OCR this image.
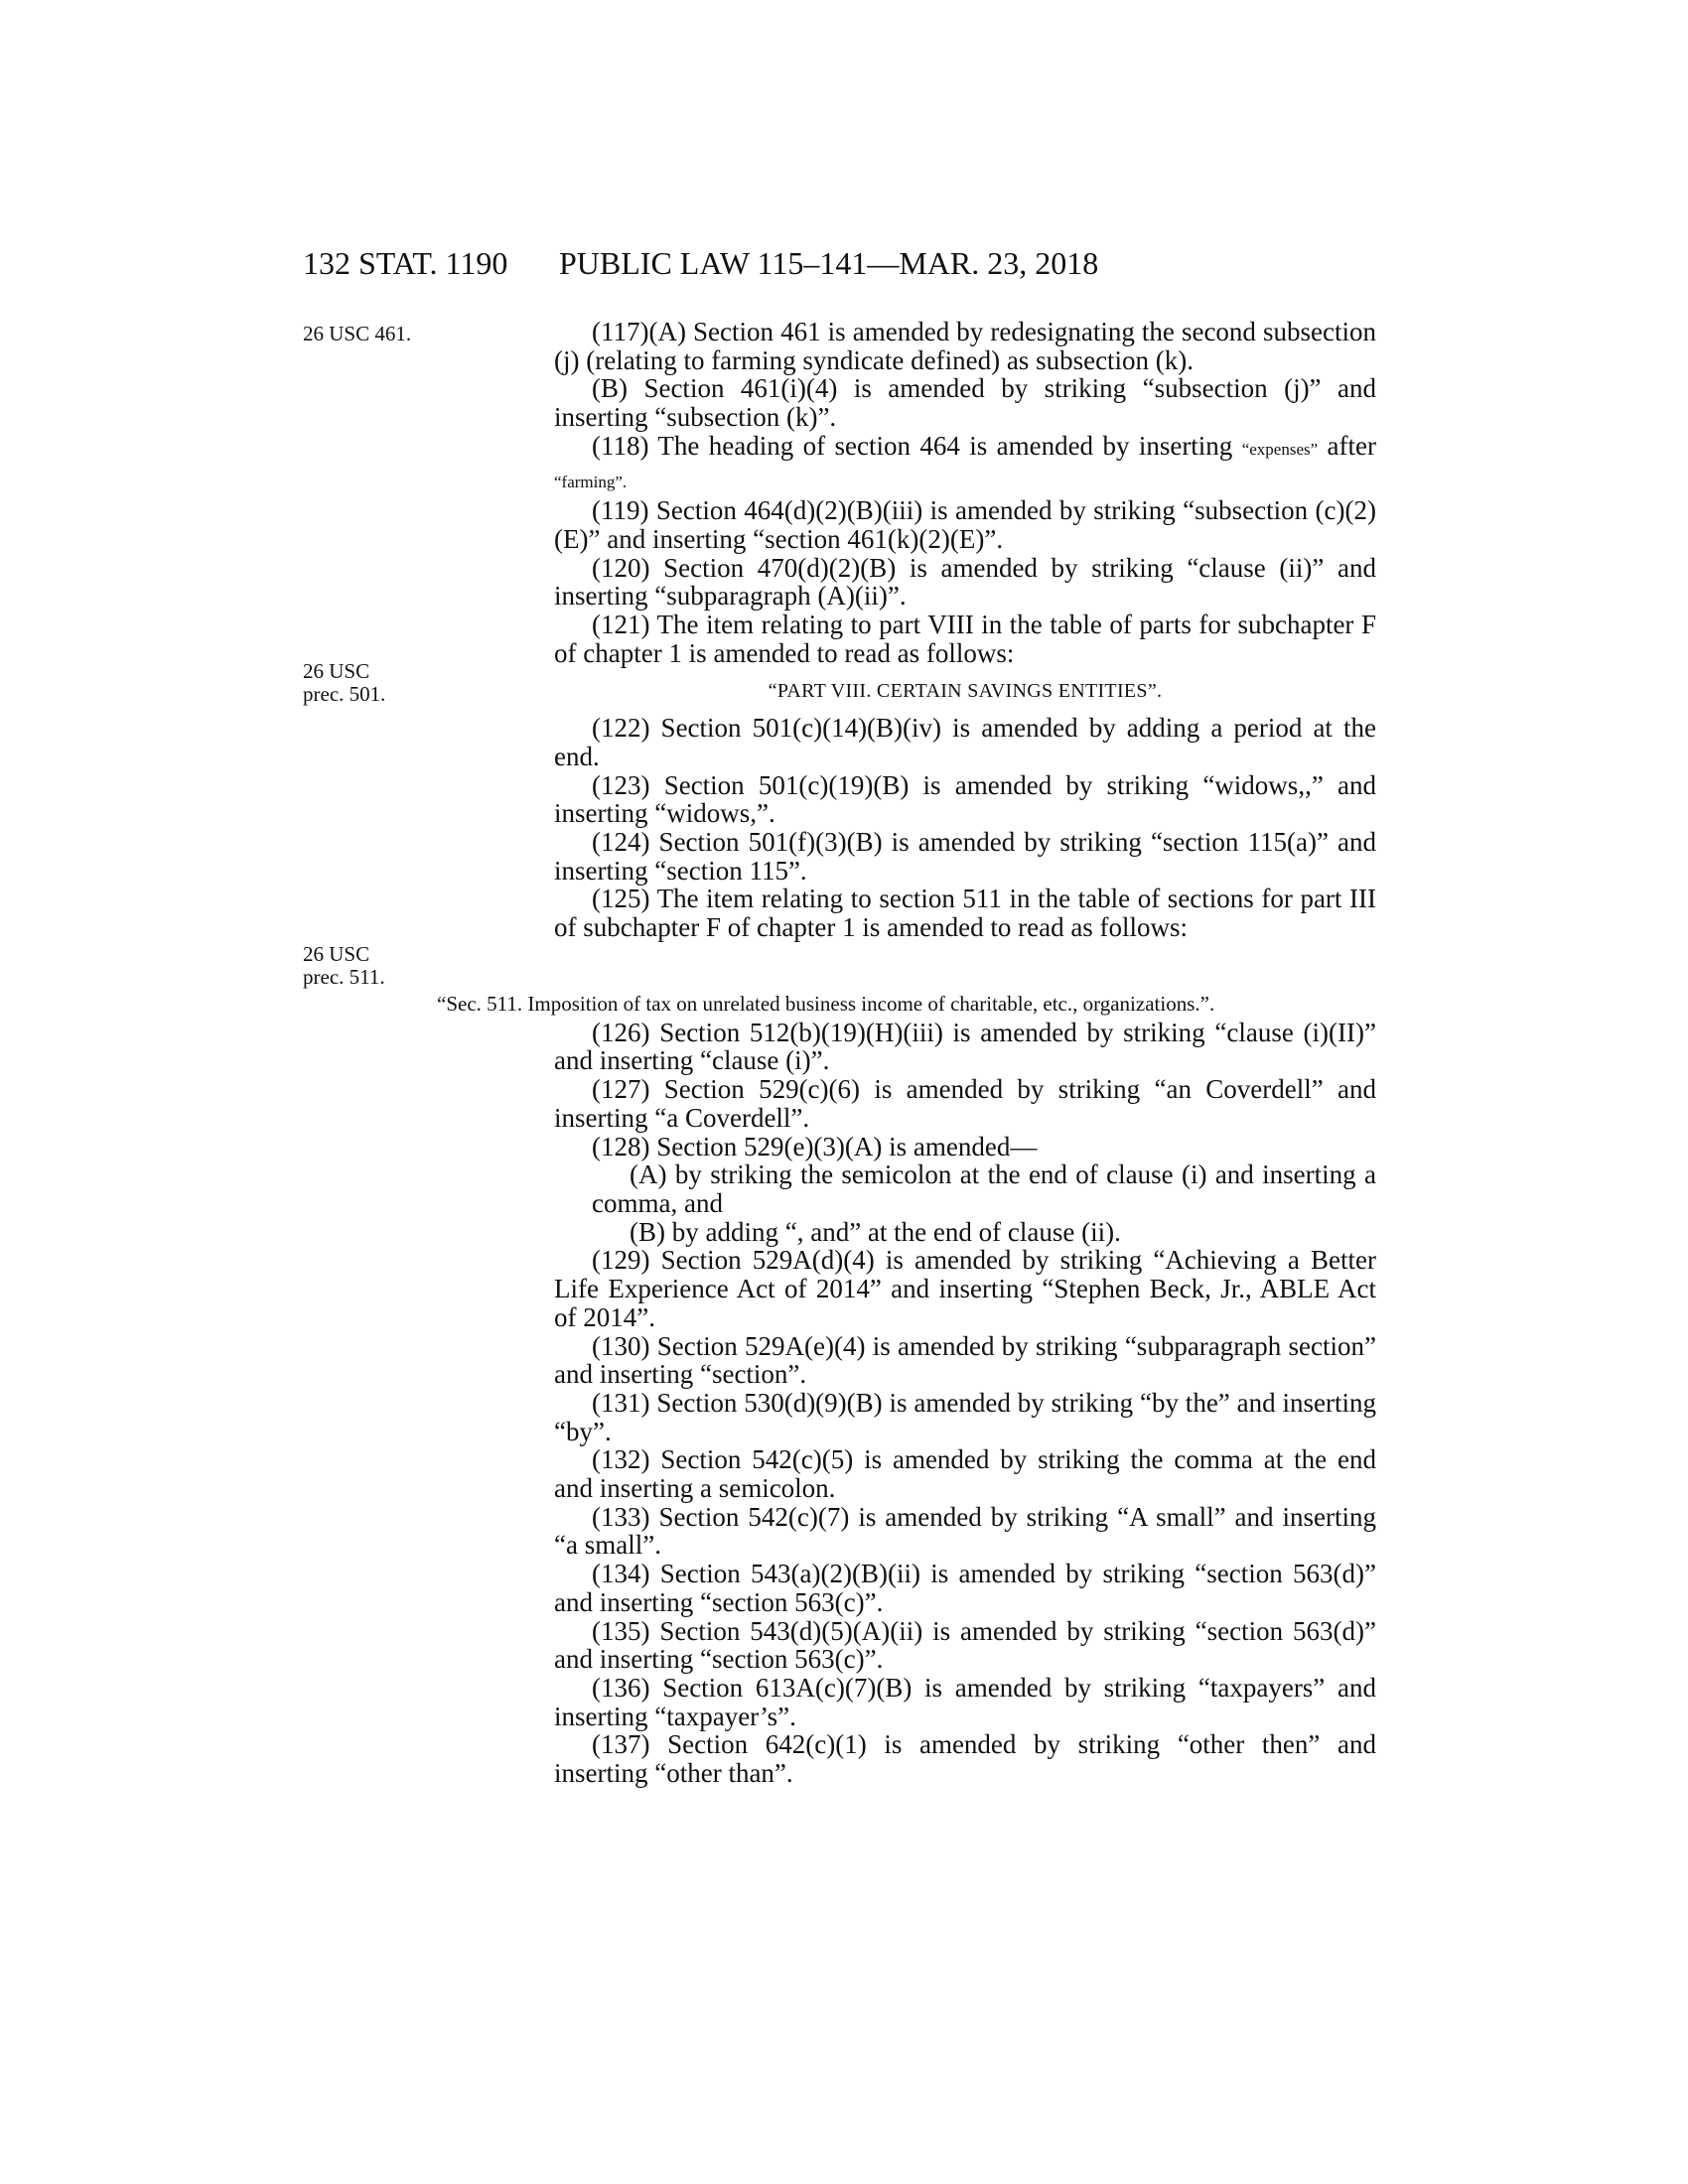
132 STAT. 1190 PUBLIC LAW 115–141—MAR. 23, 2018
26 USC 461.
26 USC
prec. 501.
26 USC
prec. 511.

(117)(A) Section 461 is amended by redesignating the second subsection (j) (relating to farming syndicate defined) as subsection (k).

(B) Section 461(i)(4) is amended by striking “subsection (j)” and inserting “subsection (k)”.

(118) The heading of section 464 is amended by inserting “expenses” after “farming”.

(119) Section 464(d)(2)(B)(iii) is amended by striking “subsection (c)(2)(E)” and inserting “section 461(k)(2)(E)”.

(120) Section 470(d)(2)(B) is amended by striking “clause (ii)” and inserting “subparagraph (A)(ii)”.

(121) The item relating to part VIII in the table of parts for subchapter F of chapter 1 is amended to read as follows:

“PART VIII. CERTAIN SAVINGS ENTITIES”.

(122) Section 501(c)(14)(B)(iv) is amended by adding a period at the end.

(123) Section 501(c)(19)(B) is amended by striking “widows,,” and inserting “widows,”.

(124) Section 501(f)(3)(B) is amended by striking “section 115(a)” and inserting “section 115”.

(125) The item relating to section 511 in the table of sections for part III of subchapter F of chapter 1 is amended to read as follows:

“Sec. 511. Imposition of tax on unrelated business income of charitable, etc., organizations.”.

(126) Section 512(b)(19)(H)(iii) is amended by striking “clause (i)(II)” and inserting “clause (i)”.

(127) Section 529(c)(6) is amended by striking “an Coverdell” and inserting “a Coverdell”.

(128) Section 529(e)(3)(A) is amended—

(A) by striking the semicolon at the end of clause (i) and inserting a comma, and

(B) by adding “, and” at the end of clause (ii).

(129) Section 529A(d)(4) is amended by striking “Achieving a Better Life Experience Act of 2014” and inserting “Stephen Beck, Jr., ABLE Act of 2014”.

(130) Section 529A(e)(4) is amended by striking “subparagraph section” and inserting “section”.

(131) Section 530(d)(9)(B) is amended by striking “by the” and inserting “by”.

(132) Section 542(c)(5) is amended by striking the comma at the end and inserting a semicolon.

(133) Section 542(c)(7) is amended by striking “A small” and inserting “a small”.

(134) Section 543(a)(2)(B)(ii) is amended by striking “section 563(d)” and inserting “section 563(c)”.

(135) Section 543(d)(5)(A)(ii) is amended by striking “section 563(d)” and inserting “section 563(c)”.

(136) Section 613A(c)(7)(B) is amended by striking “taxpayers” and inserting “taxpayer’s”.

(137) Section 642(c)(1) is amended by striking “other then” and inserting “other than”.
